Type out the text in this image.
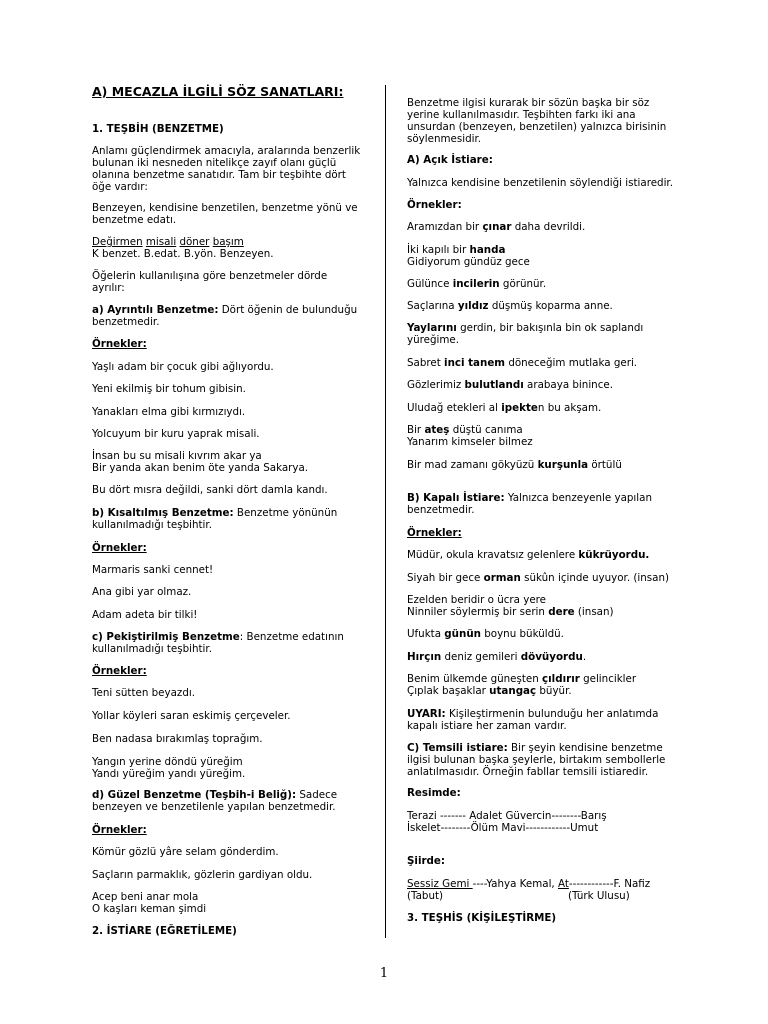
A) MECAZLA İLGİLİ SÖZ SANATLARI:
1. TEŞBİH (BENZETME)
Anlamı güçlendirmek amacıyla, aralarında benzerlik
bulunan iki nesneden nitelikçe zayıf olanı güçlü
olanına benzetme sanatıdır. Tam bir teşbihte dört
öğe vardır:
Benzeyen, kendisine benzetilen, benzetme yönü ve
benzetme edatı.
Değirmen misali döner başım
K benzet. B.edat. B.yön. Benzeyen.
Öğelerin kullanılışına göre benzetmeler dörde
ayrılır:
a) Ayrıntılı Benzetme: Dört öğenin de bulunduğu
benzetmedir.
Örnekler:
Yaşlı adam bir çocuk gibi ağlıyordu.
Yeni ekilmiş bir tohum gibisin.
Yanakları elma gibi kırmızıydı.
Yolcuyum bir kuru yaprak misali.
İnsan bu su misali kıvrım akar ya
Bir yanda akan benim öte yanda Sakarya.
Bu dört mısra değildi, sanki dört damla kandı.
b) Kısaltılmış Benzetme: Benzetme yönünün
kullanılmadığı teşbihtir.
Örnekler:
Marmaris sanki cennet!
Ana gibi yar olmaz.
Adam adeta bir tilki!
c) Pekiştirilmiş Benzetme: Benzetme edatının
kullanılmadığı teşbihtir.
Örnekler:
Teni sütten beyazdı.
Yollar köyleri saran eskimiş çerçeveler.
Ben nadasa bırakımlaş toprağım.
Yangın yerine döndü yüreğim
Yandı yüreğim yandı yüreğim.
d) Güzel Benzetme (Teşbih-i Beliğ): Sadece
benzeyen ve benzetilenle yapılan benzetmedir.
Örnekler:
Kömür gözlü yâre selam gönderdim.
Saçların parmaklık, gözlerin gardiyan oldu.
Acep beni anar mola
O kaşları keman şimdi
2. İSTİARE (EĞRETİLEME)
Benzetme ilgisi kurarak bir sözün başka bir söz
yerine kullanılmasıdır. Teşbihten farkı iki ana
unsurdan (benzeyen, benzetilen) yalnızca birisinin
söylenmesidir.
A) Açık İstiare:
Yalnızca kendisine benzetilenin söylendiği istiaredir.
Örnekler:
Aramızdan bir çınar daha devrildi.
İki kapılı bir handa
Gidiyorum gündüz gece
Gülünce incilerin görünür.
Saçlarına yıldız düşmüş koparma anne.
Yaylarını gerdin, bir bakışınla bin ok saplandı
yüreğime.
Sabret inci tanem döneceğim mutlaka geri.
Gözlerimiz bulutlandı arabaya binince.
Uludağ etekleri al ipekten bu akşam.
Bir ateş düştü canıma
Yanarım kimseler bilmez
Bir mad zamanı gökyüzü kurşunla örtülü
B) Kapalı İstiare: Yalnızca benzeyenle yapılan
benzetmedir.
Örnekler:
Müdür, okula kravatsız gelenlere kükrüyordu.
Siyah bir gece orman sükûn içinde uyuyor. (insan)
Ezelden beridir o ücra yere
Ninniler söylermiş bir serin dere (insan)
Ufukta günün boynu büküldü.
Hırçın deniz gemileri dövüyordu.
Benim ülkemde güneşten çıldırır gelincikler
Çıplak başaklar utangaç büyür.
UYARI: Kişileştirmenin bulunduğu her anlatımda
kapalı istiare her zaman vardır.
C) Temsili istiare: Bir şeyin kendisine benzetme
ilgisi bulunan başka şeylerle, birtakım sembollerle
anlatılmasıdır. Örneğin fabllar temsili istiaredir.
Resimde:
Terazi ------- Adalet Güvercin--------Barış
İskelet--------Ölüm Mavi------------Umut
Şiirde:
Sessiz Gemi ----Yahya Kemal, At------------F. Nafiz
(Tabut)	(Türk Ulusu)
3. TEŞHİS (KİŞİLEŞTİRME)
1
